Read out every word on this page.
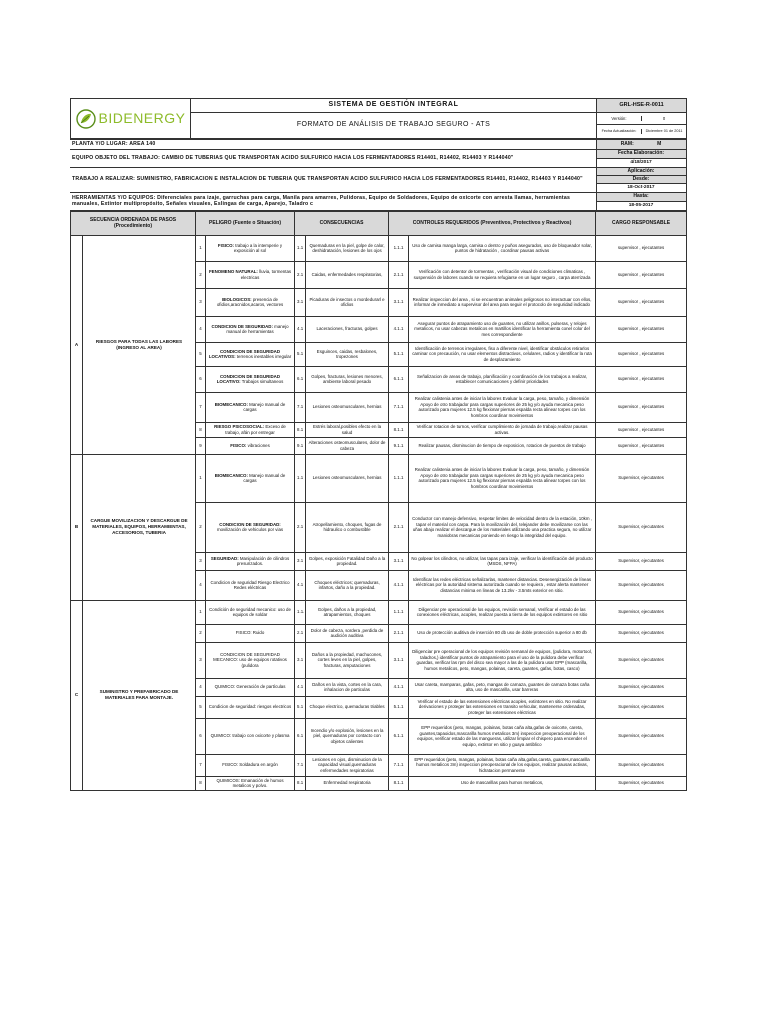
BIDENERGY	SISTEMA DE GESTIÓN INTEGRAL	GRL-HSE-R-0011
	FORMATO DE ANÁLISIS DE TRABAJO SEGURO - ATS	Versión: 0

		Fecha Actualización: Diciembre 01 de 2011
PLANTA Y/O LUGAR: AREA 140	RAM: M
EQUIPO OBJETO DEL TRABAJO: CAMBIO DE TUBERIAS QUE TRANSPORTAN ACIDO SULFURICO HACIA LOS FERMENTADORES R14401, R14402, R14403 Y R144040"	Fecha Elaboración:
	4/18/2017
TRABAJO A REALIZAR: SUMINISTRO, FABRICACION E INSTALACION DE TUBERIA QUE TRANSPORTAN ACIDO SULFURICO HACIA LOS FERMENTADORES R14401, R14402, R14403 Y R144040"	Aplicación:
	Desde:
	18-Oct-2017
HERRAMIENTAS Y/O EQUIPOS: Diferenciales para izaje, garruchas para carga, Manila para amarres, Pulidoras, Equipo de Soldadores, Equipo de oxicorte con arresta llamas, herramientas manuales, Extintor multipropósito, Señales visuales, Eslingas de carga, Aparejo, Taladro c	Hasta:
	18-05-2017
SECUENCIA ORDENADA DE PASOS (Procedimiento)		PELIGRO (Fuente o Situación)		CONSECUENCIAS		CONTROLES REQUERIDOS (Preventivos, Protectivos y Reactivos)		CARGO RESPONSABLE
A	RIESGOS PARA TODAS LAS LABORES (INGRESO AL AREA)	1	FISICO: trabajo a la intemperie y exposición al sol	1.1	Quemaduras en la piel, golpe de calor, deshidratación, lesiones de los ojos	1.1.1	Uso de camisa manga larga, camisa o dentro y puños asegurados, uso de bloqueador solar, puntos de hidratación , coordinar pausas activas	supervisor , ejecutantes
		2	FENOMENO NATURAL: lluvia, tormentas electricas	2.1	Caidas, enfermedades respiratorias,	2.1.1	Verificación con detentor de tormentas , verificación visual de condiciones climaticas , suspensión de labores cuando se requiera refugiarse en un lugar seguro , carpa aterrizada	supervisor , ejecutantes
		3	BIOLOGICOS: presencia de ofidios,aracnidos,acaros, vectores	3.1	Picaduras de insectos o mordedurarl e ofidios	3.1.1	Realizar inspeccion del area , si se encuentran animales peligrosos no interactuar con ellos, informar de inmediato a supervisor del area para seguir el protocolo de seguridad indicado	supervisor , ejecutantes
		4	CONDICION DE SEGURIDAD: manejo manual de herramientas	4.1	Laceraciones, fracturas, golpes	4.1.1	Asegurar puntos de atrapamiento uso de guantes, no utilizar anillos, pulseras, y relojes metalicos, no usar cabezas metalicos en martillos identificar la herramienta conel color del mes correspondiente	supervisor , ejecutantes
		5	CONDICION DE SEGURIDAD LOCATIVOS: terrenos inestables irregular	5.1	Esguinces, caidas, resbalones, tropezones	5.1.1	Identificación de terrenos irregulares, fiso a diferente nivel, identificar obstáculos retirarlos caminar con precaución, no usar elementos distractivos, celulares, radios y identificar la ruta de desplazamiento	supervisor , ejecutantes
		6	CONDICION DE SEGURIDAD LOCATIVO: Trabajos simultaneos	6.1	Golpes, fracturas, lesiones menores, ambiente laboral pesado	6.1.1	Señalizacion de areas de trabajo, planificación y coordinación de los trabajos a realizar, establecer comunicaciones y definir prioridades	supervisor , ejecutantes
		7	BIOMECANICO: Manejo manual de cargas	7.1	Lesiones osteomusculares, hernias	7.1.1	Realizar calistenia antes de iniciar la labores Evaluar la carga, peso, tamaño, y dimensión Apoyo de otro trabajador para cargas superiores de 25 kg y/o ayuda mecanica peso autorizado para mujeres 12.5 kg flexionar piernas espalda recta alinear torpes con los hombros coordinar movimientos	supervisor , ejecutantes
		8	RIESGO PSICOSOCIAL: Exceso de trabajo, afán por entregar	8.1	Estrés laboral,posibles efecto en la salud	8.1.1	Verificar rotacion de turnos, verificar cumplimiento de jornada de trabajo,realizar pausas activas.	supervisor , ejecutantes
		9	FISICO: vibraciones	9.1	Alteraciones osteomusculares, dolor de cabeza	9.1.1	Realizar pausas, disminucion de tiempo de exposicion, rotacion de puestos de trabajo	supervisor , ejecutantes
B	CARGUE MOVILIZACION Y DESCARGUE DE MATERIALES, EQUIPOS, HERRAMIENTAS, ACCESORIOS, TUBERIA	1	BIOMECANICO: Manejo manual de cargas	1.1	Lesiones osteomusculares, hernias	1.1.1	Realizar calistenia antes de iniciar la labores Evaluar la carga, peso, tamaño, y dimensión Apoyo de otro trabajador para cargas superiores de 25 kg y/o ayuda mecanica peso autorizado para mujeres 12.5 kg flexionar piernas espalda recta alinear torpes con los hombros coordinar movimientos	Supervisor, ejecutantes
		2	CONDICION DE SEGURIDAD: movilización de vehiculos por vias	2.1	Atropellamiento, choques, fugas de hidraulico o combustible	2.1.1	Conductor con manejo defensivo, respetar limites de velocidad dentro de la estación, 10km , tapar el material con carpa. Para la movilización del, telejander debe movilizarse con las uñas abajo realizar el descargue de los materiales utilizando una practica segura, no utilizar maniobras mecanicas poniendo en riesgo la integridad del equipo.	Supervisor, ejecutantes
		3	SEGURIDAD: Manipulación de cilindros presurizados.	3.1	Golpes, exposición Fatalidad Daño a la propiedad.	3.1.1	No golpear los cilindros, no utilizar, las tapas para izaje, verificar la identificación del producto (MSDS, NFPA)	Supervisor, ejecutantes
		4	Condicion de seguridad Riesgo Electrico Redes eléctricas	4.1	Choques eléctricos; quemaduras, infartos, daño a la propiedad.	4.1.1	Identificar las redes eléctricas señalizarlas, mantener distancias. Desenergización de líneas eléctricas por la autoridad sistema autorizada cuando se requiera , estar alerta mantener distancias minima en lineas de 13.2kv - 3.5mts exterior en sitio.	Supervisor, ejecutantes
C	SUMINISTRO Y PREFABRICADO DE MATERIALES PARA MONTAJE.	1	Condición de seguridad mecanico: uso de equipos de soldar	1.1.	Golpes, daños a la propiedad, atrapamientos, choques	1.1.1	Diligenciar pre operacional de los equipos, revisión semanal, Verificar el estado de las conexiones eléctricas, acoples, realizar puesta a tierra de los equipos extintores en sitio	Supervisor, ejecutantes
		2	FISICO: Ruido	2.1	Dolor de cabeza, sordera ,perdida de audición auditiva	2.1.1	Uso de protección auditiva de inserción 80 db uso de doble protección superior a 80 db	Supervisor, ejecutantes
		3	CONDICION DE SEGURIDAD MECANICO: uso de equipos rotativos (pulidora	3.1	Daños a la propiedad, machucones, cortes leves en la piel, golpes, fracturas, amputaciones	3.1.1	Diligenciar pre operacional de los equipos revisión semanal de equipos, (pulidora, motortool, taladros,) identificar puntos de atrapamiento para el uso de la pulidora debe verificar guardas, verificar las rpm del disco sea mayor a las de la pulidora usar EPP (mascarilla, humos metalicos, peto, mangas, polainas, careta, guantes, gafas, botas, casco)	Supervisor, ejecutantes
		4	QUIMICO: Generación de partículas	4.1	Daños en la vista, cortes en la cara, inhalacion de particulas	4.1.1	Usar careta, mamparas, gafas, peto, mangas de carnaza, guantes de carnaza botas caña alta, uso de mascarilla, usar barreras	Supervisor, ejecutantes
		5	Condicion de seguridad: riesgos electricos	5.1	Choque electrico, quemaduras triables	5.1.1	Verificar el estado de las extensiones eléctricas acoples, extintores en sitio. No realizar derivaciones y proteger las extensiones en transito vehicular, mantenerse ordenadas, proteger las extensiones eléctricas	Supervisor, ejecutantes
		6	QUIMICO: trabajo con oxicorte y plasma	6.1	Incendio y/o explosión, lesiones en la piel, quemaduras por contacto con objetos calientes	6.1.1	EPP requeridos (peto, mangas, polainas, botas caña alta,gafas de oxicorte, careta, guantes,tapaoidos,mascarilla humos metalicos 3m) inspeccion preoperacional de los equipos, verificar estado de las mangueras, utilizar limpiar el chispero para encender el equipo, extintor en sitio y guaya antiblico	Supervisor, ejecutantes
		7	FISICO: Soldadura en argón	7.1	Lesiones en ojos, disminucion de la capacidad visual,quemaduras enfermedades respiratorias	7.1.1	EPP requeridos (peto, mangas, polainas, botas caña alta,gafas,careta, guantes,mascarilla humos metalicos 3m) inspeccion preoperacional de los equipos, realizar pausas activas, hidratacion permanente	Supervisor, ejecutantes
		8	QUIMICOS: Emanación de humos metalicos y polvo.	8.1	Enfermedad respiratoria	8.1.1	Uso de mascarillas para humos metalicos,	Supervisor, ejecutantes
